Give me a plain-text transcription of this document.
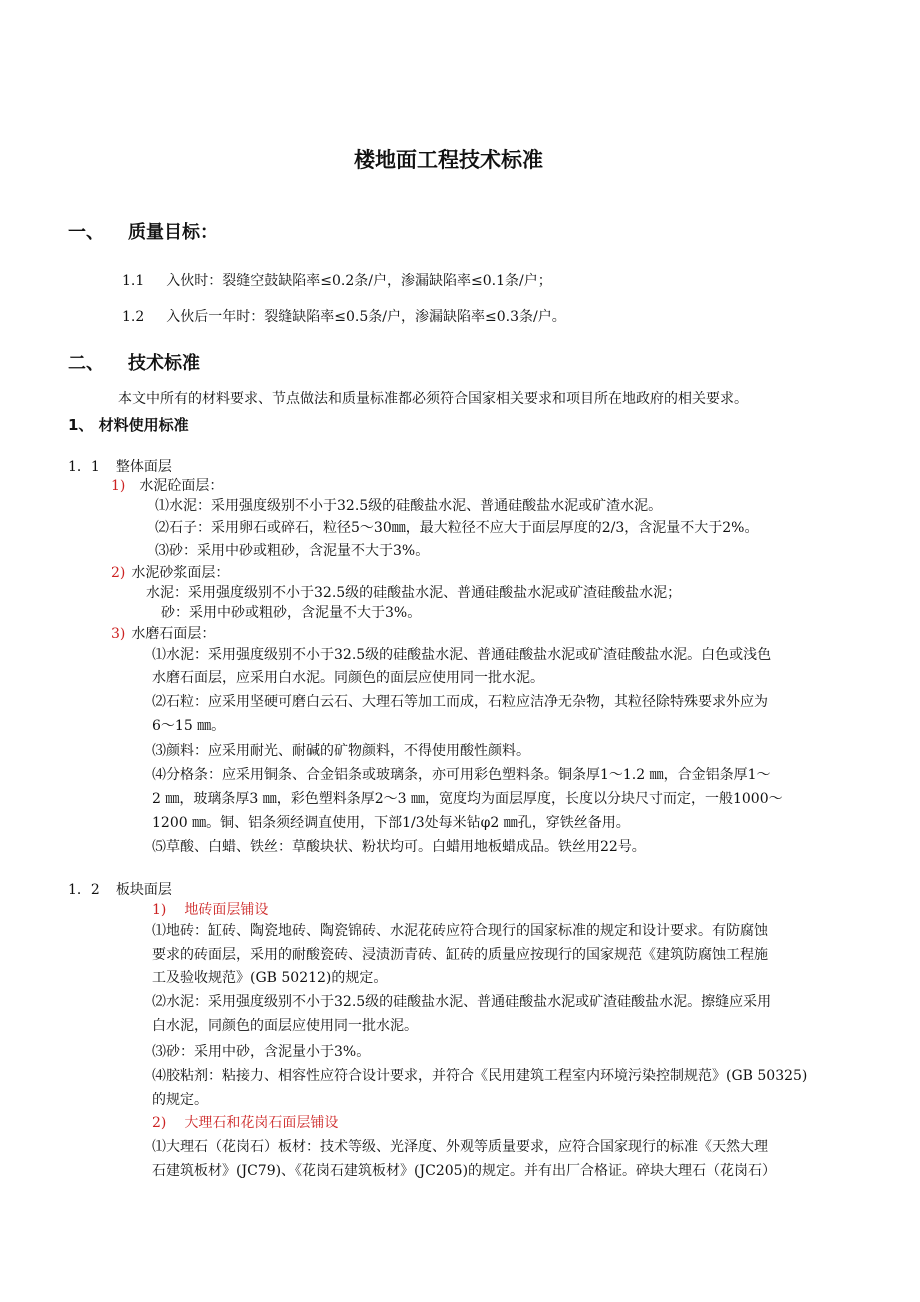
楼地面工程技术标准
一、 质量目标：
1.1 入伙时：裂缝空鼓缺陷率≤0.2条/户，渗漏缺陷率≤0.1条/户；
1.2 入伙后一年时：裂缝缺陷率≤0.5条/户，渗漏缺陷率≤0.3条/户。
二、 技术标准
本文中所有的材料要求、节点做法和质量标准都必须符合国家相关要求和项目所在地政府的相关要求。
1、 材料使用标准
1．1 整体面层
1) 水泥砼面层：
⑴水泥：采用强度级别不小于32.5级的硅酸盐水泥、普通硅酸盐水泥或矿渣水泥。
⑵石子：采用卵石或碎石，粒径5～30㎜，最大粒径不应大于面层厚度的2/3，含泥量不大于2%。
⑶砂：采用中砂或粗砂，含泥量不大于3%。
2) 水泥砂浆面层：
水泥：采用强度级别不小于32.5级的硅酸盐水泥、普通硅酸盐水泥或矿渣硅酸盐水泥；
砂：采用中砂或粗砂，含泥量不大于3%。
3) 水磨石面层：
⑴水泥：采用强度级别不小于32.5级的硅酸盐水泥、普通硅酸盐水泥或矿渣硅酸盐水泥。白色或浅色
水磨石面层，应采用白水泥。同颜色的面层应使用同一批水泥。
⑵石粒：应采用坚硬可磨白云石、大理石等加工而成，石粒应洁净无杂物，其粒径除特殊要求外应为
6～15 ㎜。
⑶颜料：应采用耐光、耐碱的矿物颜料，不得使用酸性颜料。
⑷分格条：应采用铜条、合金铝条或玻璃条，亦可用彩色塑料条。铜条厚1～1.2 ㎜，合金铝条厚1～
2 ㎜，玻璃条厚3 ㎜，彩色塑料条厚2～3 ㎜，宽度均为面层厚度，长度以分块尺寸而定，一般1000～
1200 ㎜。铜、铝条须经调直使用，下部1/3处每米钻φ2 ㎜孔，穿铁丝备用。
⑸草酸、白蜡、铁丝：草酸块状、粉状均可。白蜡用地板蜡成品。铁丝用22号。
1．2 板块面层
1) 地砖面层铺设
⑴地砖：缸砖、陶瓷地砖、陶瓷锦砖、水泥花砖应符合现行的国家标准的规定和设计要求。有防腐蚀
要求的砖面层，采用的耐酸瓷砖、浸渍沥青砖、缸砖的质量应按现行的国家规范《建筑防腐蚀工程施
工及验收规范》(GB 50212)的规定。
⑵水泥：采用强度级别不小于32.5级的硅酸盐水泥、普通硅酸盐水泥或矿渣硅酸盐水泥。擦缝应采用
白水泥，同颜色的面层应使用同一批水泥。
⑶砂：采用中砂，含泥量小于3%。
⑷胶粘剂：粘接力、相容性应符合设计要求，并符合《民用建筑工程室内环境污染控制规范》(GB 50325)
的规定。
2) 大理石和花岗石面层铺设
⑴大理石（花岗石）板材：技术等级、光泽度、外观等质量要求，应符合国家现行的标准《天然大理
石建筑板材》(JC79)、《花岗石建筑板材》(JC205)的规定。并有出厂合格证。碎块大理石（花岗石）
